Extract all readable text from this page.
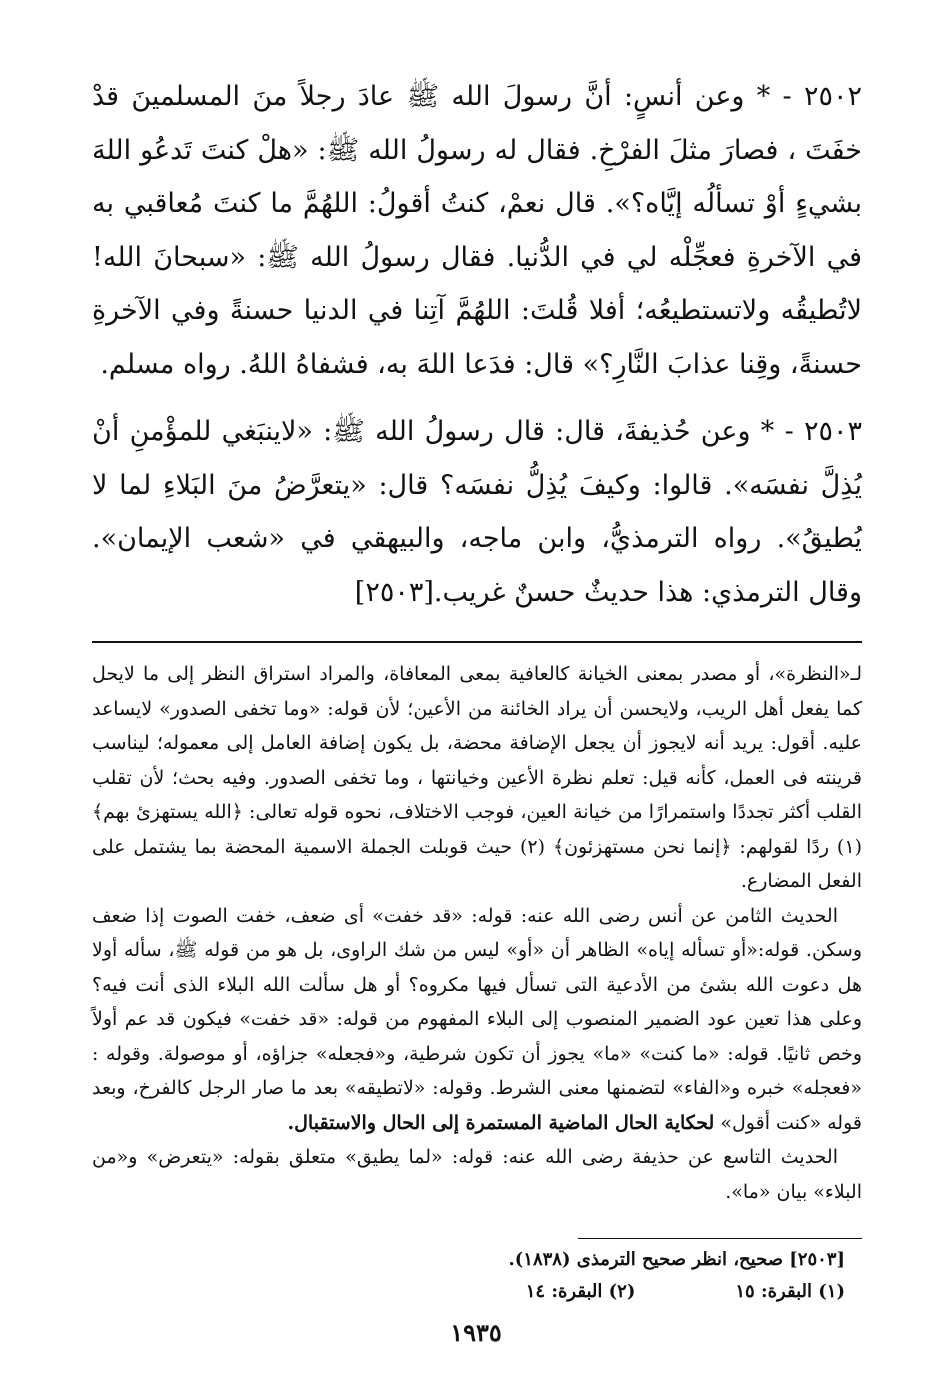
٢٥٠٢ - * وعن أنسٍ: أنَّ رسولَ الله ﷺ عادَ رجلاً منَ المسلمينَ قدْ خفَتَ ، فصارَ مثلَ الفرْخِ. فقال له رسولُ الله ﷺ: «هلْ كنتَ تَدعُو اللهَ بشيءٍ أوْ تسألُه إيَّاه؟». قال نعمْ، كنتُ أقولُ: اللهُمَّ ما كنتَ مُعاقبي به في الآخرةِ فعجِّلْه لي في الدُّنيا. فقال رسولُ الله ﷺ: «سبحانَ الله! لاتُطيقُه ولاتستطيعُه؛ أفلا قُلتَ: اللهُمَّ آتِنا في الدنيا حسنةً وفي الآخرةِ حسنةً، وقِنا عذابَ النَّارِ؟» قال: فدَعا اللهَ به، فشفاهُ اللهُ. رواه مسلم.

٢٥٠٣ - * وعن حُذيفةَ، قال: قال رسولُ الله ﷺ: «لاينبَغي للمؤْمنِ أنْ يُذِلَّ نفسَه». قالوا: وكيفَ يُذِلُّ نفسَه؟ قال: «يتعرَّضُ منَ البَلاءِ لما لا يُطيقُ». رواه الترمذيُّ، وابن ماجه، والبيهقي في «شعب الإيمان». وقال الترمذي: هذا حديثٌ حسنٌ غريب.[٢٥٠٣]

لـ«النظرة»، أو مصدر بمعنى الخيانة كالعافية بمعى المعافاة، والمراد استراق النظر إلى ما لايحل كما يفعل أهل الريب، ولايحسن أن يراد الخائنة من الأعين؛ لأن قوله: «وما تخفى الصدور» لايساعد عليه. أقول: يريد أنه لايجوز أن يجعل الإضافة محضة، بل يكون إضافة العامل إلى معموله؛ ليناسب قرينته فى العمل، كأنه قيل: تعلم نظرة الأعين وخيانتها ، وما تخفى الصدور. وفيه بحث؛ لأن تقلب القلب أكثر تجددًا واستمرارًا من خيانة العين، فوجب الاختلاف، نحوه قوله تعالى: ﴿الله يستهزئ بهم﴾ (١) ردًا لقولهم: ﴿إنما نحن مستهزئون﴾ (٢) حيث قوبلت الجملة الاسمية المحضة بما يشتمل على الفعل المضارع.

الحديث الثامن عن أنس رضى الله عنه: قوله: «قد خفت» أى ضعف، خفت الصوت إذا ضعف وسكن. قوله:«أو تسأله إياه» الظاهر أن «أو» ليس من شك الراوى، بل هو من قوله ﷺ، سأله أولا هل دعوت الله بشئ من الأدعية التى تسأل فيها مكروه؟ أو هل سألت الله البلاء الذى أنت فيه؟ وعلى هذا تعين عود الضمير المنصوب إلى البلاء المفهوم من قوله: «قد خفت» فيكون قد عم أولاً وخص ثانيًا. قوله: «ما كنت» «ما» يجوز أن تكون شرطية، و«فجعله» جزاؤه، أو موصولة. وقوله : «فعجله» خبره و«الفاء» لتضمنها معنى الشرط. وقوله: «لاتطيقه» بعد ما صار الرجل كالفرخ، وبعد قوله «كنت أقول» لحكاية الحال الماضية المستمرة إلى الحال والاستقبال.

الحديث التاسع عن حذيفة رضى الله عنه: قوله: «لما يطيق» متعلق بقوله: «يتعرض» و«من البلاء» بيان «ما».

[٢٥٠٣] صحيح، انظر صحيح الترمذى (١٨٣٨).

(١) البقرة: ١٥

(٢) البقرة: ١٤

١٩٣٥
